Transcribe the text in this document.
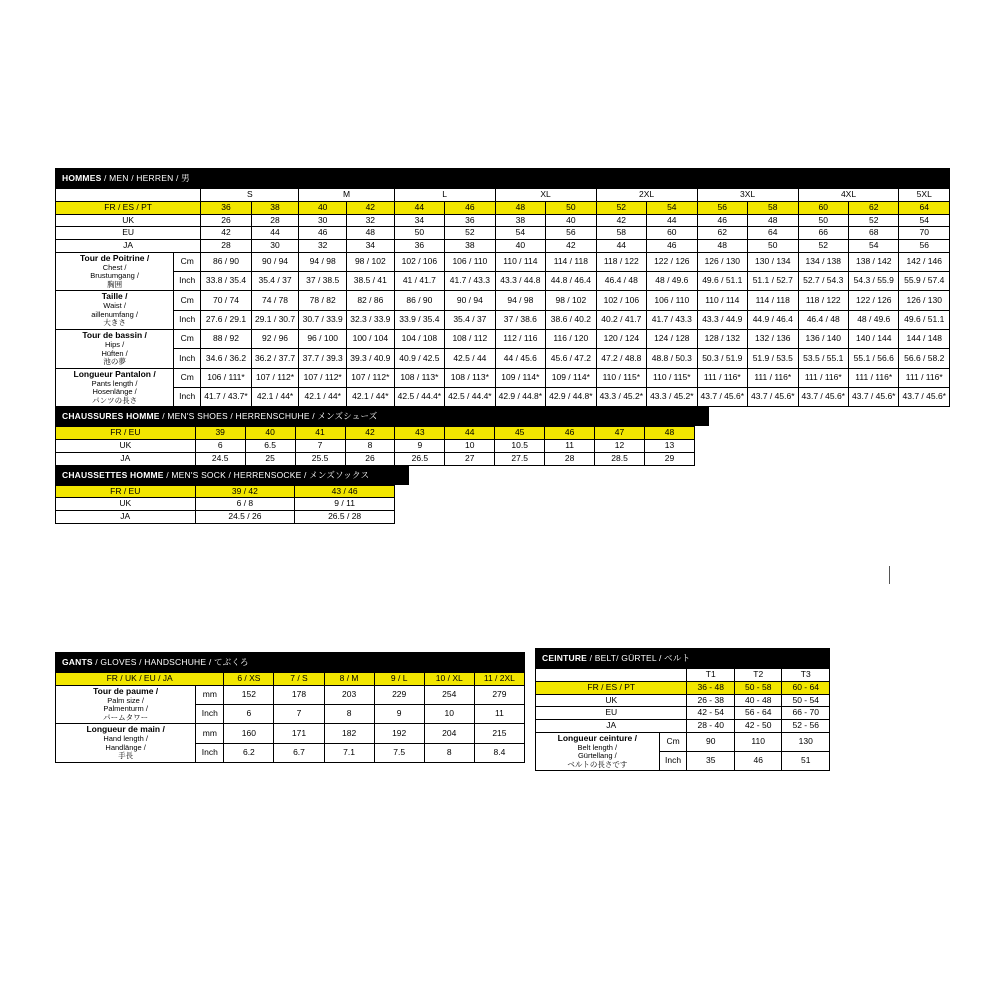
HOMMES / MEN / HERREN / 男
		S		M		L		XL		2XL		3XL		4XL		5XL
FR / ES / PT		36	38	40	42	44	46	48	50	52	54	56	58	60	62	64
UK		26	28	30	32	34	36	38	40	42	44	46	48	50	52	54
EU		42	44	46	48	50	52	54	56	58	60	62	64	66	68	70
JA		28	30	32	34	36	38	40	42	44	46	48	50	52	54	56

Tour de Poitrine /
Chest /
Brustumgang /
胸囲	Cm	86 / 90	90 / 94	94 / 98	98 / 102	102 / 106	106 / 110	110 / 114	114 / 118	118 / 122	122 / 126	126 / 130	130 / 134	134 / 138	138 / 142	142 / 146
	Inch	33.8 / 35.4	35.4 / 37	37 / 38.5	38.5 / 41	41 / 41.7	41.7 / 43.3	43.3 / 44.8	44.8 / 46.4	46.4 / 48	48 / 49.6	49.6 / 51.1	51.1 / 52.7	52.7 / 54.3	54.3 / 55.9	55.9 / 57.4

Taille /
Waist /
aillenumfang /
大きさ	Cm	70 / 74	74 / 78	78 / 82	82 / 86	86 / 90	90 / 94	94 / 98	98 / 102	102 / 106	106 / 110	110 / 114	114 / 118	118 / 122	122 / 126	126 / 130
	Inch	27.6 / 29.1	29.1 / 30.7	30.7 / 33.9	32.3 / 33.9	33.9 / 35.4	35.4 / 37	37 / 38.6	38.6 / 40.2	40.2 / 41.7	41.7 / 43.3	43.3 / 44.9	44.9 / 46.4	46.4 / 48	48 / 49.6	49.6 / 51.1

Tour de bassin /
Hips /
Hüften /
池の夢	Cm	88 / 92	92 / 96	96 / 100	100 / 104	104 / 108	108 / 112	112 / 116	116 / 120	120 / 124	124 / 128	128 / 132	132 / 136	136 / 140	140 / 144	144 / 148
	Inch	34.6 / 36.2	36.2 / 37.7	37.7 / 39.3	39.3 / 40.9	40.9 / 42.5	42.5 / 44	44 / 45.6	45.6 / 47.2	47.2 / 48.8	48.8 / 50.3	50.3 / 51.9	51.9 / 53.5	53.5 / 55.1	55.1 / 56.6	56.6 / 58.2

Longueur Pantalon /
Pants length /
Hosenlänge /
パンツの長さ	Cm	106 / 111*	107 / 112*	107 / 112*	107 / 112*	108 / 113*	108 / 113*	109 / 114*	109 / 114*	110 / 115*	110 / 115*	111 / 116*	111 / 116*	111 / 116*	111 / 116*	111 / 116*
	Inch	41.7 / 43.7*	42.1 / 44*	42.1 / 44*	42.1 / 44*	42.5 / 44.4*	42.5 / 44.4*	42.9 / 44.8*	42.9 / 44.8*	43.3 / 45.2*	43.3 / 45.2*	43.7 / 45.6*	43.7 / 45.6*	43.7 / 45.6*	43.7 / 45.6*	43.7 / 45.6*
CHAUSSURES HOMME / MEN'S SHOES / HERRENSCHUHE / メンズシューズ
FR / EU	39	40	41	42	43	44	45	46	47	48
UK	6	6.5	7	8	9	10	10.5	11	12	13
JA	24.5	25	25.5	26	26.5	27	27.5	28	28.5	29
CHAUSSETTES HOMME / MEN'S SOCK / HERRENSOCKE / メンズソックス
FR / EU	39 / 42	43 / 46
UK	6 / 8	9 / 11
JA	24.5 / 26	26.5 / 28
GANTS / GLOVES / HANDSCHUHE / てぶくろ
FR / UK / EU / JA		6 / XS	7 / S	8 / M	9 / L	10 / XL	11 / 2XL

Tour de paume /
Palm size /
Palmenturm /
パームタワー	mm	152	178	203	229	254	279
	Inch	6	7	8	9	10	11

Longueur de main /
Hand length /
Handlänge /
手長	mm	160	171	182	192	204	215
	Inch	6.2	6.7	7.1	7.5	8	8.4
CEINTURE / BELT/ GÜRTEL / ベルト
		T1	T2	T3
FR / ES / PT		36 - 48	50 - 58	60 - 64
UK		26 - 38	40 - 48	50 - 54
EU		42 - 54	56 - 64	66 - 70
JA		28 - 40	42 - 50	52 - 56

Longueur ceinture /
Belt length /
Gürtellang /
ベルトの長さです	Cm	90	110	130
	Inch	35	46	51
